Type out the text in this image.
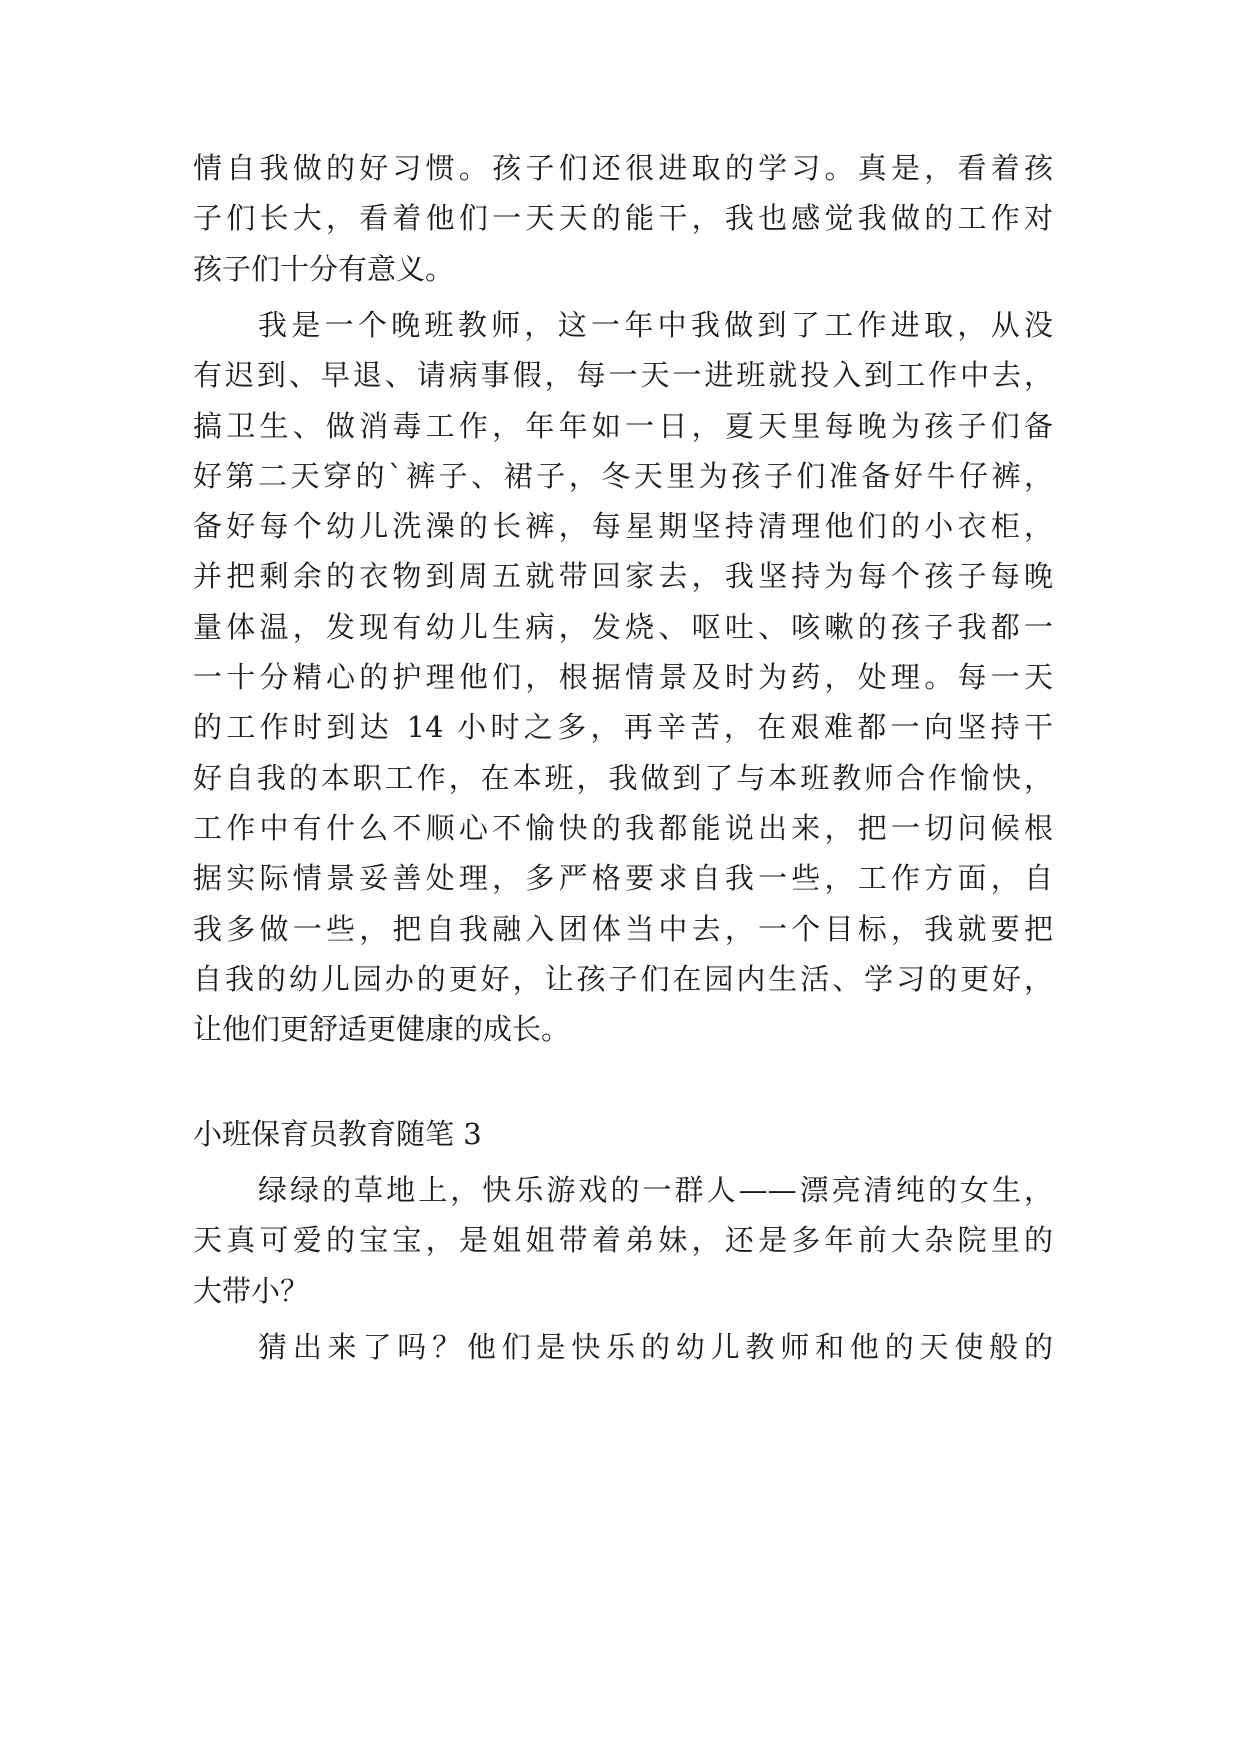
情自我做的好习惯。孩子们还很进取的学习。真是，看着孩
子们长大，看着他们一天天的能干，我也感觉我做的工作对
孩子们十分有意义。
我是一个晚班教师，这一年中我做到了工作进取，从没
有迟到、早退、请病事假，每一天一进班就投入到工作中去，
搞卫生、做消毒工作，年年如一日，夏天里每晚为孩子们备
好第二天穿的`裤子、裙子，冬天里为孩子们准备好牛仔裤，
备好每个幼儿洗澡的长裤，每星期坚持清理他们的小衣柜，
并把剩余的衣物到周五就带回家去，我坚持为每个孩子每晚
量体温，发现有幼儿生病，发烧、呕吐、咳嗽的孩子我都一
一十分精心的护理他们，根据情景及时为药，处理。每一天
的工作时到达 14 小时之多，再辛苦，在艰难都一向坚持干
好自我的本职工作，在本班，我做到了与本班教师合作愉快，
工作中有什么不顺心不愉快的我都能说出来，把一切问候根
据实际情景妥善处理，多严格要求自我一些，工作方面，自
我多做一些，把自我融入团体当中去，一个目标，我就要把
自我的幼儿园办的更好，让孩子们在园内生活、学习的更好，
让他们更舒适更健康的成长。
小班保育员教育随笔 3
绿绿的草地上，快乐游戏的一群人——漂亮清纯的女生，
天真可爱的宝宝，是姐姐带着弟妹，还是多年前大杂院里的
大带小？
猜出来了吗？他们是快乐的幼儿教师和他的天使般的
